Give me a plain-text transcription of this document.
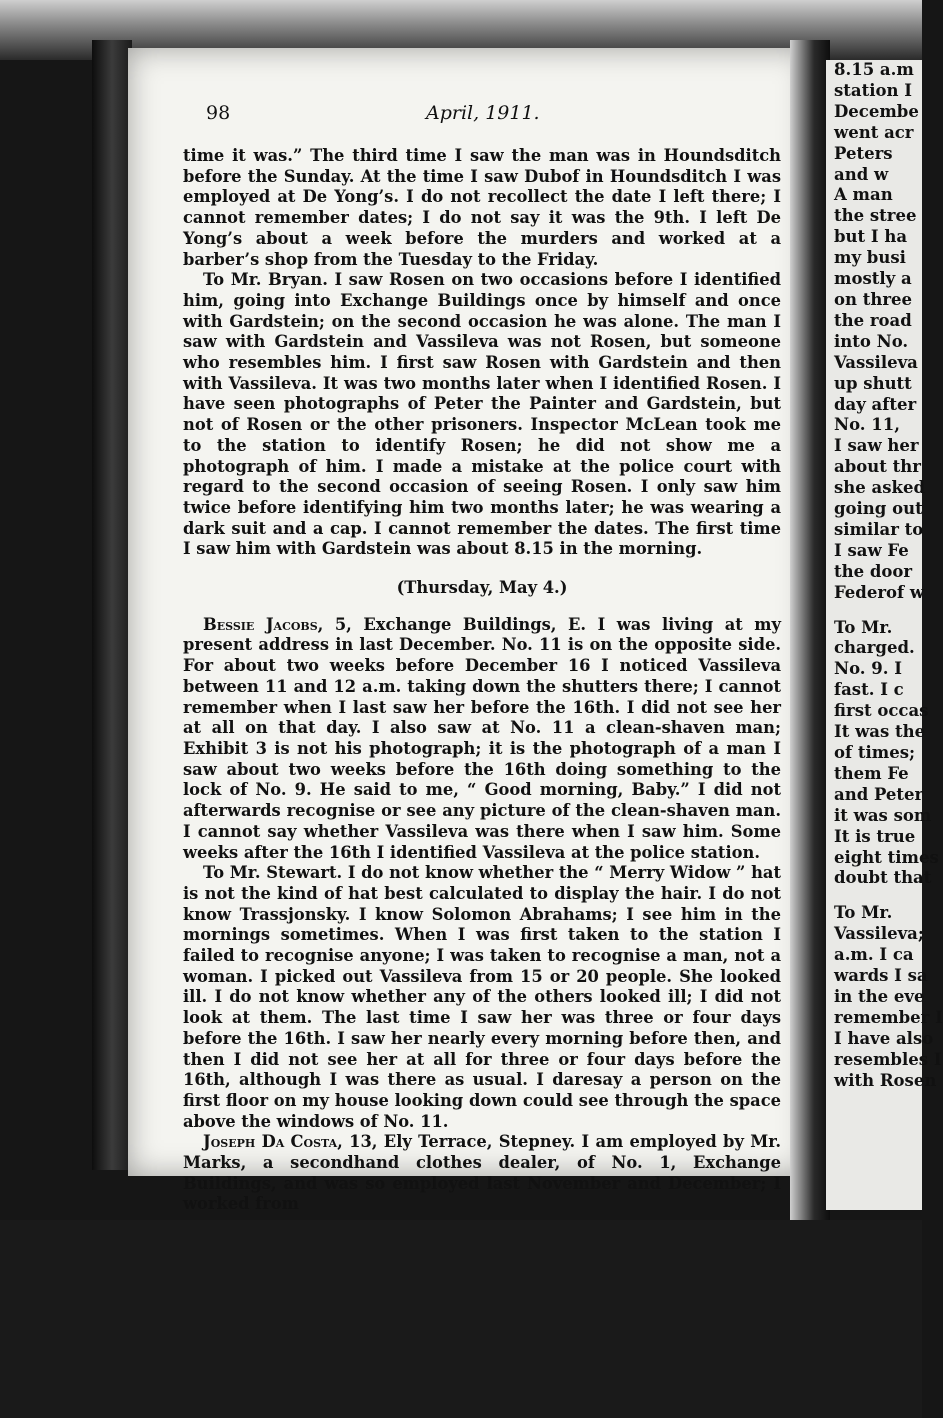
8.15 a.m
station I
Decembe
went acr
Peters
and w
A man
the stree
but I ha
my busi
mostly a
on three
the road
into No.
Vassileva
up shutt
day after
No. 11,
I saw her
about thr
she asked
going out
similar to
I saw Fe
the door
Federof w
To Mr.
charged.
No. 9. I
fast. I c
first occas
It was the
of times;
them Fe
and Peter
it was som
It is true
eight times
doubt that
To Mr.
Vassileva;
a.m. I ca
wards I sa
in the eve
remember I
I have also
resembles I
with Rosen
98	April, 1911.

time it was.” The third time I saw the man was in Houndsditch before the Sunday. At the time I saw Dubof in Houndsditch I was employed at De Yong’s. I do not recollect the date I left there; I cannot remember dates; I do not say it was the 9th. I left De Yong’s about a week before the murders and worked at a barber’s shop from the Tuesday to the Friday.

To Mr. Bryan. I saw Rosen on two occasions before I identified him, going into Exchange Buildings once by himself and once with Gardstein; on the second occasion he was alone. The man I saw with Gardstein and Vassileva was not Rosen, but someone who resembles him. I first saw Rosen with Gardstein and then with Vassileva. It was two months later when I identified Rosen. I have seen photographs of Peter the Painter and Gardstein, but not of Rosen or the other prisoners. Inspector McLean took me to the station to identify Rosen; he did not show me a photograph of him. I made a mistake at the police court with regard to the second occasion of seeing Rosen. I only saw him twice before identifying him two months later; he was wearing a dark suit and a cap. I cannot remember the dates. The first time I saw him with Gardstein was about 8.15 in the morning.

(Thursday, May 4.)

Bessie Jacobs, 5, Exchange Buildings, E. I was living at my present address in last December. No. 11 is on the opposite side. For about two weeks before December 16 I noticed Vassileva between 11 and 12 a.m. taking down the shutters there; I cannot remember when I last saw her before the 16th. I did not see her at all on that day. I also saw at No. 11 a clean-shaven man; Exhibit 3 is not his photograph; it is the photograph of a man I saw about two weeks before the 16th doing something to the lock of No. 9. He said to me, “ Good morning, Baby.” I did not afterwards recognise or see any picture of the clean-shaven man. I cannot say whether Vassileva was there when I saw him. Some weeks after the 16th I identified Vassileva at the police station.

To Mr. Stewart. I do not know whether the “ Merry Widow ” hat is not the kind of hat best calculated to display the hair. I do not know Trassjonsky. I know Solomon Abrahams; I see him in the mornings sometimes. When I was first taken to the station I failed to recognise anyone; I was taken to recognise a man, not a woman. I picked out Vassileva from 15 or 20 people. She looked ill. I do not know whether any of the others looked ill; I did not look at them. The last time I saw her was three or four days before the 16th. I saw her nearly every morning before then, and then I did not see her at all for three or four days before the 16th, although I was there as usual. I daresay a person on the first floor on my house looking down could see through the space above the windows of No. 11.

Joseph Da Costa, 13, Ely Terrace, Stepney. I am employed by Mr. Marks, a secondhand clothes dealer, of No. 1, Exchange Buildings, and was so employed last November and December; I worked from
